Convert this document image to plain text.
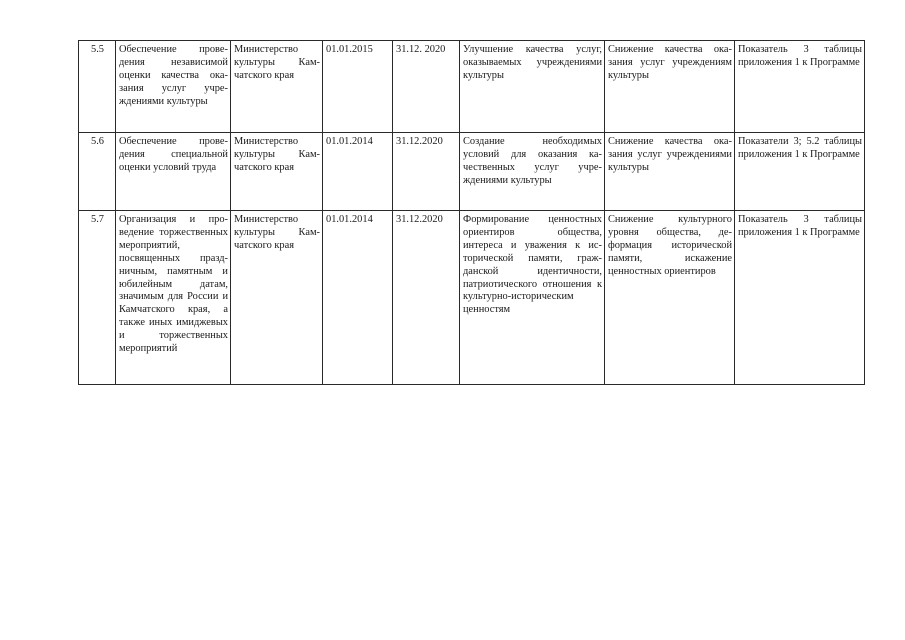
5.5	Обеспечение проведения независимой оценки качества оказания услуг учреждениями культуры	Министерство культуры Камчатского края	01.01.2015	31.12. 2020	Улучшение качества услуг, оказываемых учреждениями культуры	Снижение качества оказания услуг учреждениям культуры	Показатель 3 таблицы приложения 1 к Программе

5.6	Обеспечение проведения специальной оценки условий труда	Министерство культуры Камчатского края	01.01.2014	31.12.2020	Создание необходимых условий для оказания качественных услуг учреждениями культуры	Снижение качества оказания услуг учреждениями культуры	Показатели 3; 5.2 таблицы приложения 1 к Программе

5.7	Организация и проведение торжественных мероприятий, посвященных праздничным, памятным и юбилейным датам, значимым для России и Камчатского края, а также иных имиджевых и торжественных мероприятий	Министерство культуры Камчатского края	01.01.2014	31.12.2020	Формирование ценностных ориентиров общества, интереса и уважения к исторической памяти, гражданской идентичности, патриотического отношения к культурно-историческим ценностям	Снижение культурного уровня общества, деформация исторической памяти, искажение ценностных ориентиров	Показатель 3 таблицы приложения 1 к Программе
